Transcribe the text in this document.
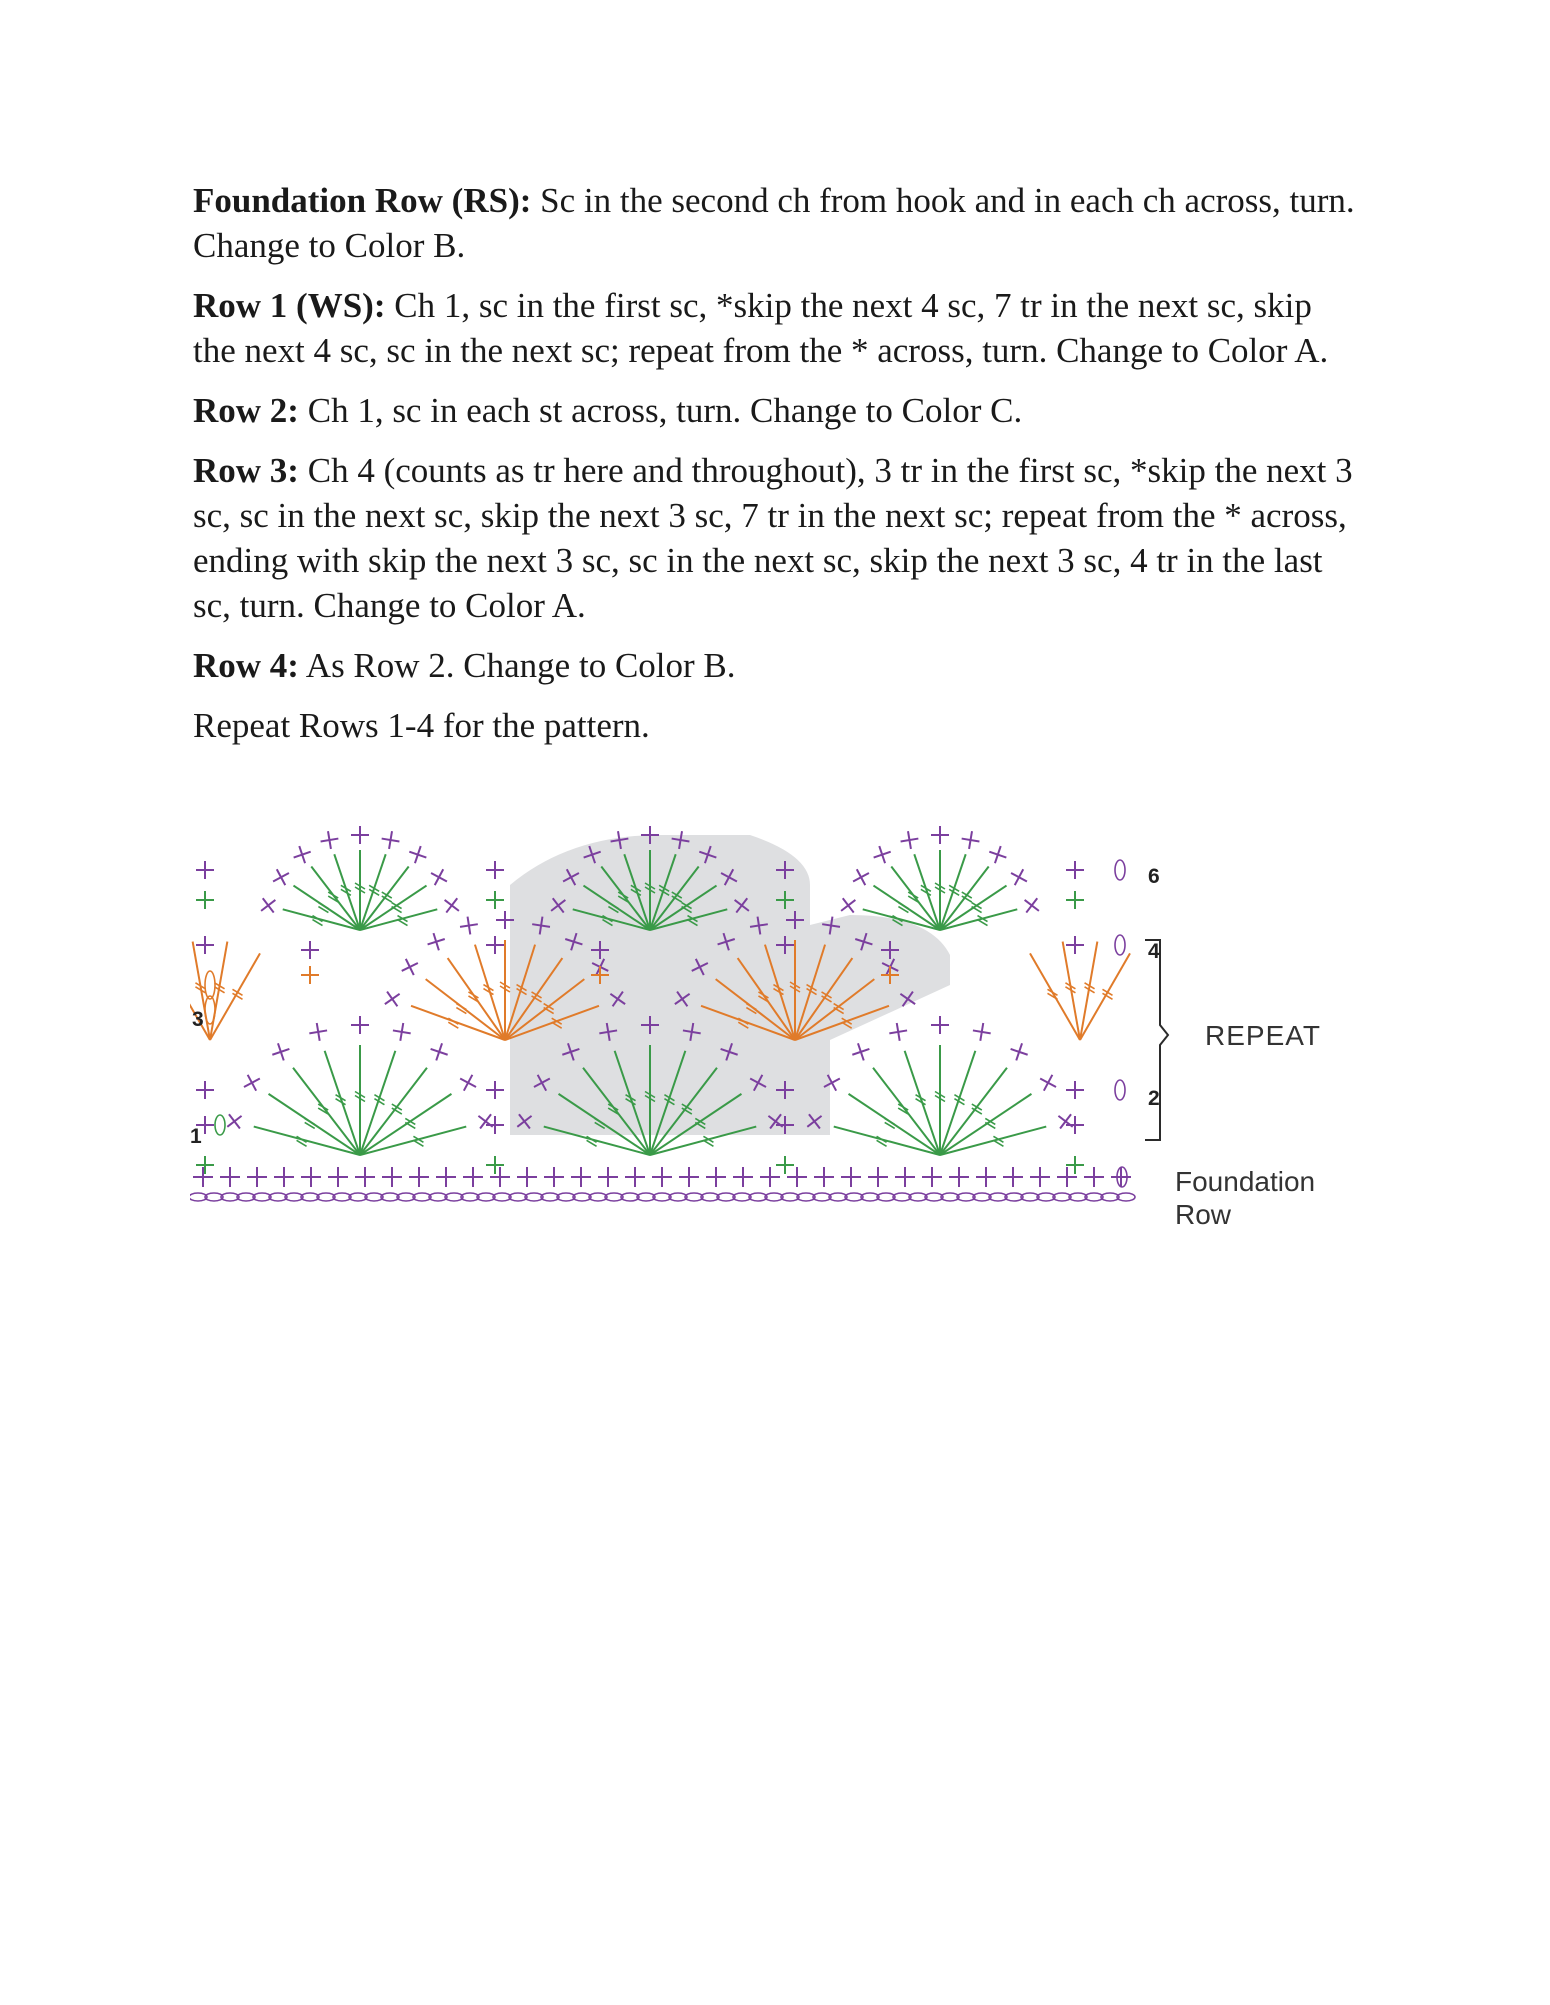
Foundation Row (RS): Sc in the second ch from hook and in each ch across, turn. Change to Color B.

Row 1 (WS): Ch 1, sc in the first sc, *skip the next 4 sc, 7 tr in the next sc, skip the next 4 sc, sc in the next sc; repeat from the * across, turn. Change to Color A.

Row 2: Ch 1, sc in each st across, turn. Change to Color C.

Row 3: Ch 4 (counts as tr here and throughout), 3 tr in the first sc, *skip the next 3 sc, sc in the next sc, skip the next 3 sc, 7 tr in the next sc; repeat from the * across, ending with skip the next 3 sc, sc in the next sc, skip the next 3 sc, 4 tr in the last sc, turn. Change to Color A.

Row 4: As Row 2. Change to Color B.

Repeat Rows 1-4 for the pattern.

1
3
2
4
6
REPEAT
Foundation Row
